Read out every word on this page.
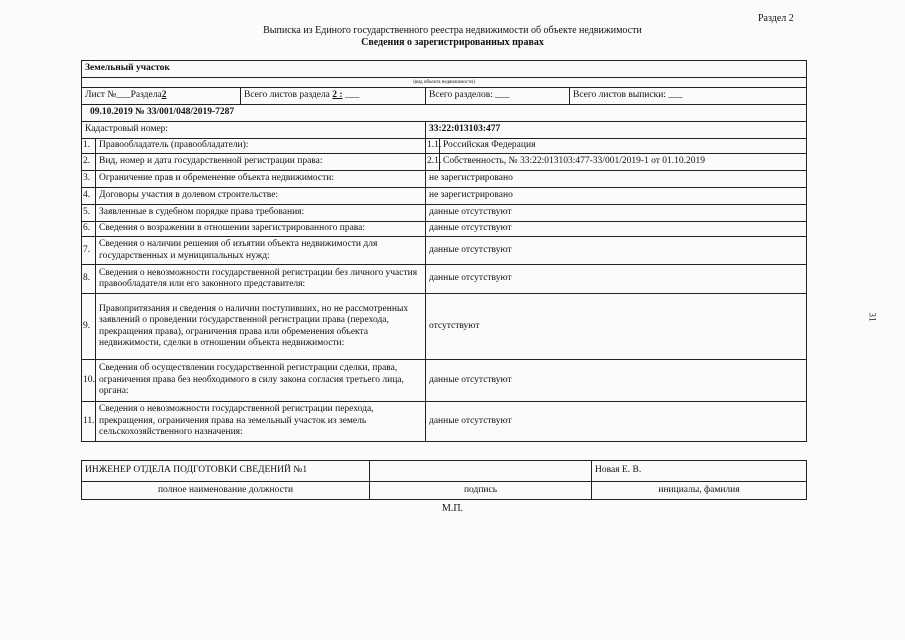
Раздел 2
Выписка из Единого государственного реестра недвижимости об объекте недвижимости
Сведения о зарегистрированных правах
31
Земельный участок					
(вид объекта недвижимости)					
Лист №___Раздела2		Всего листов раздела 2 : ___	Всего разделов: ___		Всего листов выписки: ___
09.10.2019 № 33/001/048/2019-7287					
Кадастровый номер:			33:22:013103:477		
1.	Правообладатель (правообладатели):		1.1.	Российская Федерация	
2.	Вид, номер и дата государственной регистрации права:		2.1.	Собственность, № 33:22:013103:477-33/001/2019-1 от 01.10.2019	
3.	Ограничение прав и обременение объекта недвижимости:		не зарегистрировано		
4.	Договоры участия в долевом строительстве:		не зарегистрировано		
5.	Заявленные в судебном порядке права требования:		данные отсутствуют		
6.	Сведения о возражении в отношении зарегистрированного права:		данные отсутствуют		
7.	Сведения о наличии решения об изъятии объекта недвижимости для государственных и муниципальных нужд:		данные отсутствуют		
8.	Сведения о невозможности государственной регистрации без личного участия правообладателя или его законного представителя:		данные отсутствуют		
9.	Правопритязания и сведения о наличии поступивших, но не рассмотренных заявлений о проведении государственной регистрации права (перехода, прекращения права), ограничения права или обременения объекта недвижимости, сделки в отношении объекта недвижимости:		отсутствуют		
10.	Сведения об осуществлении государственной регистрации сделки, права, ограничения права без необходимого в силу закона согласия третьего лица, органа:		данные отсутствуют		
11.	Сведения о невозможности государственной регистрации перехода, прекращения, ограничения права на земельный участок из земель сельскохозяйственного назначения:		данные отсутствуют		
ИНЖЕНЕР ОТДЕЛА ПОДГОТОВКИ СВЕДЕНИЙ №1		Новая Е. В.
полное наименование должности	подпись	инициалы, фамилия
М.П.
